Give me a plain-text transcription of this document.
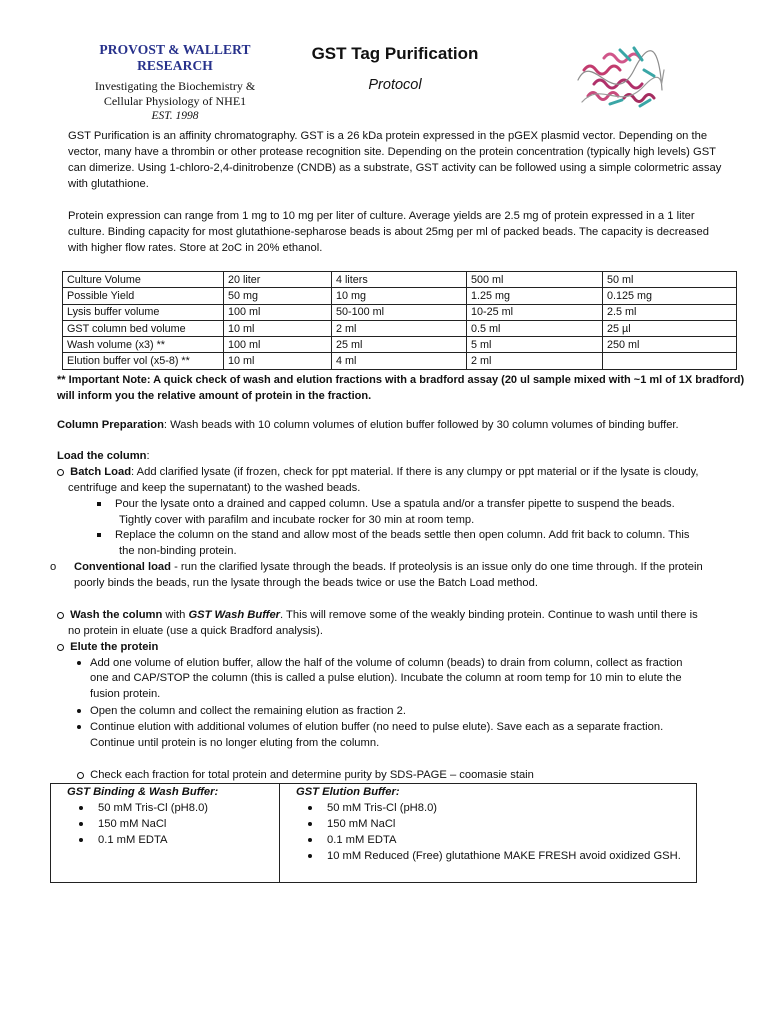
PROVOST & WALLERT RESEARCH
Investigating the Biochemistry &
Cellular Physiology of NHE1
EST. 1998
GST Tag Purification
Protocol
GST Purification is an affinity chromatography. GST is a 26 kDa protein expressed in the pGEX plasmid vector. Depending on the vector, many have a thrombin or other protease recognition site. Depending on the protein concentration (typically high levels) GST can dimerize. Using 1-chloro-2,4-dinitrobenze (CNDB) as a substrate, GST activity can be followed using a simple colormetric assay with glutathione.
Protein expression can range from 1 mg to 10 mg per liter of culture. Average yields are 2.5 mg of protein expressed in a 1 liter culture. Binding capacity for most glutathione-sepharose beads is about 25mg per ml of packed beads. The capacity is decreased with higher flow rates. Store at 2oC in 20% ethanol.
Culture Volume	20 liter	4 liters	500 ml	50 ml
Possible Yield	50 mg	10 mg	1.25 mg	0.125 mg
Lysis buffer volume	100 ml	50-100 ml	10-25 ml	2.5 ml
GST column bed volume	10 ml	2 ml	0.5 ml	25 µl
Wash volume (x3) **	100 ml	25 ml	5 ml	250 ml
Elution buffer vol (x5-8) **	10 ml	4 ml	2 ml	
** Important Note: A quick check of wash and elution fractions with a bradford assay (20 ul sample mixed with ~1 ml of 1X bradford) will inform you the relative amount of protein in the fraction.
Column Preparation: Wash beads with 10 column volumes of elution buffer followed by 30 column volumes of binding buffer.
Load the column:
Batch Load: Add clarified lysate (if frozen, check for ppt material. If there is any clumpy or ppt material or if the lysate is cloudy,
centrifuge and keep the supernatant) to the washed beads.
Pour the lysate onto a drained and capped column. Use a spatula and/or a transfer pipette to suspend the beads.
Tightly cover with parafilm and incubate rocker for 30 min at room temp.
Replace the column on the stand and allow most of the beads settle then open column. Add frit back to column. This
the non-binding protein.
o	Conventional load - run the clarified lysate through the beads. If proteolysis is an issue only do one time through. If the protein
poorly binds the beads, run the lysate through the beads twice or use the Batch Load method.
Wash the column with GST Wash Buffer. This will remove some of the weakly binding protein. Continue to wash until there is
no protein in eluate (use a quick Bradford analysis).
Elute the protein
Add one volume of elution buffer, allow the half of the volume of column (beads) to drain from column, collect as fraction
one and CAP/STOP the column (this is called a pulse elution). Incubate the column at room temp for 10 min to elute the
fusion protein.
Open the column and collect the remaining elution as fraction 2.
Continue elution with additional volumes of elution buffer (no need to pulse elute). Save each as a separate fraction.
Continue until protein is no longer eluting from the column.
Check each fraction for total protein and determine purity by SDS-PAGE – coomasie stain
GST Binding & Wash Buffer:
50 mM Tris-Cl (pH8.0)
150 mM NaCl
0.1 mM EDTA
GST Elution Buffer:
50 mM Tris-Cl (pH8.0)
150 mM NaCl
0.1 mM EDTA
10 mM Reduced (Free) glutathione MAKE FRESH avoid oxidized GSH.
